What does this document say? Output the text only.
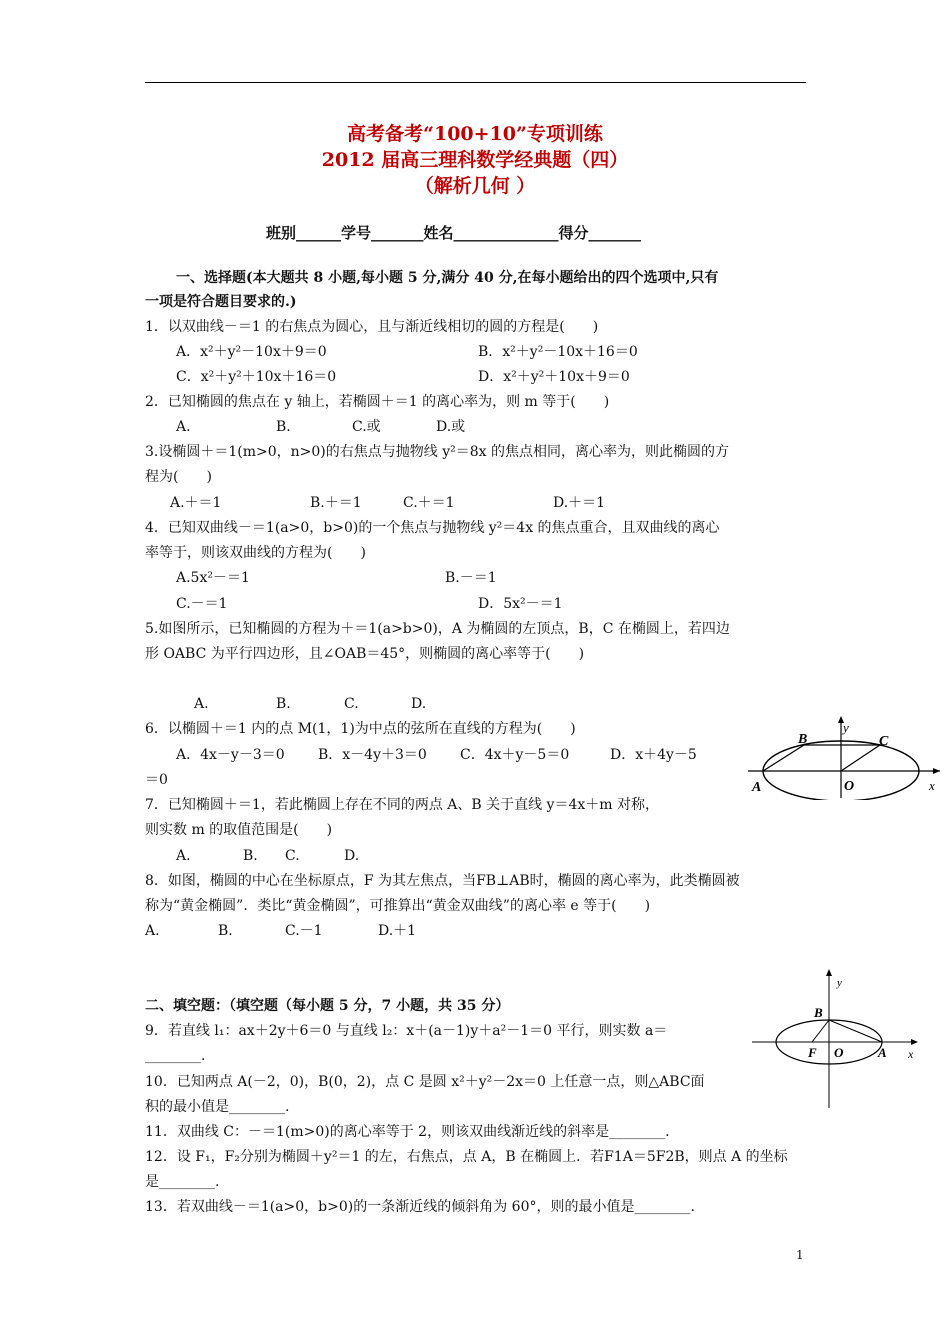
高考备考“100+10”专项训练
2012 届高三理科数学经典题（四）
（解析几何 ）
班别______学号_______姓名______________得分_______
一、选择题(本大题共 8 小题,每小题 5 分,满分 40 分,在每小题给出的四个选项中,只有
一项是符合题目要求的.)
1．以双曲线－＝1 的右焦点为圆心，且与渐近线相切的圆的方程是(　　)
A．x²＋y²－10x＋9＝0	B．x²＋y²－10x＋16＝0
C．x²＋y²＋10x＋16＝0	D．x²＋y²＋10x＋9＝0
2．已知椭圆的焦点在 y 轴上，若椭圆＋＝1 的离心率为，则 m 等于(　　)
A.	B.	C.或	D.或
3.设椭圆＋＝1(m>0，n>0)的右焦点与抛物线 y²＝8x 的焦点相同，离心率为，则此椭圆的方
程为(　　)
A.＋＝1	B.＋＝1	C.＋＝1	D.＋＝1
4．已知双曲线－＝1(a>0，b>0)的一个焦点与抛物线 y²＝4x 的焦点重合，且双曲线的离心
率等于，则该双曲线的方程为(　　)
A.5x²－＝1	B.－＝1
C.－＝1	D．5x²－＝1
5.如图所示，已知椭圆的方程为＋＝1(a>b>0)，A 为椭圆的左顶点，B，C 在椭圆上，若四边
形 OABC 为平行四边形，且∠OAB＝45°，则椭圆的离心率等于(　　)
A.	B.	C.	D.
6．以椭圆＋＝1 内的点 M(1，1)为中点的弦所在直线的方程为(　　)
A．4x－y－3＝0 B．x－4y＋3＝0 C．4x＋y－5＝0	D．x＋4y－5
＝0
7．已知椭圆＋＝1，若此椭圆上存在不同的两点 A、B 关于直线 y＝4x＋m 对称，
则实数 m 的取值范围是(　　)
A.	B. C.	D.
8．如图，椭圆的中心在坐标原点，F 为其左焦点，当FB⊥AB时，椭圆的离心率为，此类椭圆被
称为“黄金椭圆”．类比“黄金椭圆”，可推算出“黄金双曲线”的离心率 e 等于(　　)
A.	B.	C.－1	D.＋1
二、填空题：（填空题（每小题 5 分，7 小题，共 35 分）
9．若直线 l₁：ax＋2y＋6＝0 与直线 l₂：x＋(a－1)y＋a²－1＝0 平行，则实数 a＝
________.
10．已知两点 A(－2，0)，B(0，2)，点 C 是圆 x²＋y²－2x＝0 上任意一点，则△ABC面
积的最小值是________.
11．双曲线 C：－＝1(m>0)的离心率等于 2，则该双曲线渐近线的斜率是________.
12．设 F₁，F₂分别为椭圆＋y²＝1 的左，右焦点，点 A，B 在椭圆上．若F1A＝5F2B，则点 A 的坐标
是________.
13．若双曲线－＝1(a>0，b>0)的一条渐近线的倾斜角为 60°，则的最小值是________.
y
x
A
B	C
O
y
x
B
F O	A
1
